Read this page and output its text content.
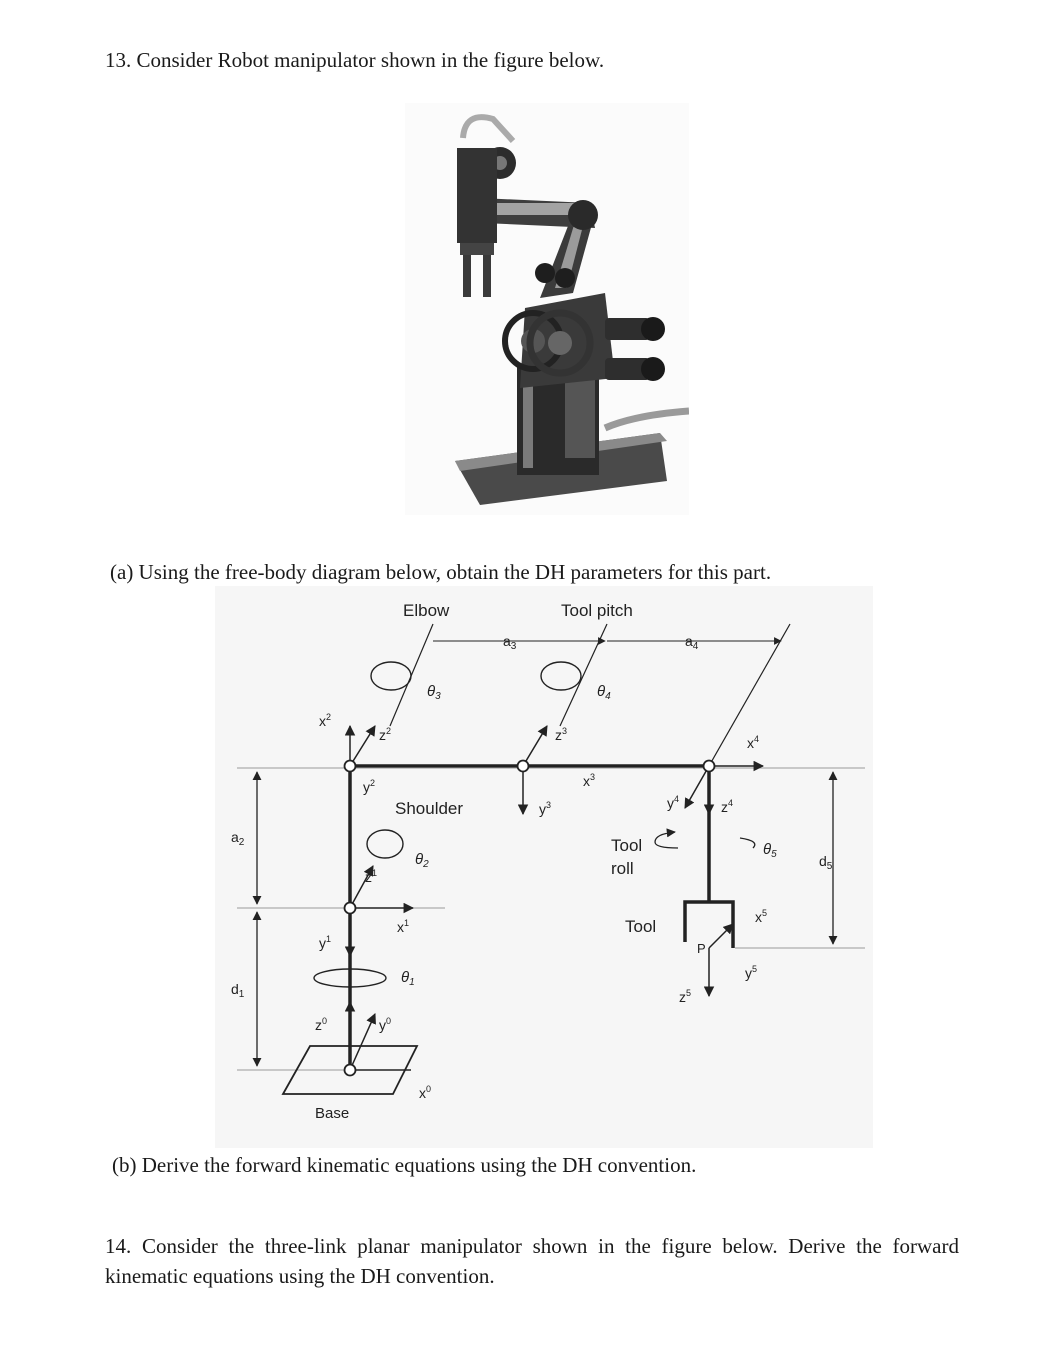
13. Consider Robot manipulator shown in the figure below.

(a) Using the free-body diagram below, obtain the DH parameters for this part.

Elbow	Tool pitch
Shoulder
Tool
roll
Tool
Base
P
$a_2$
$d_1$
$a_3$	$a_4$
$d_5$
$\theta_3$	$\theta_4$
$\theta_2$
$\theta_1$
$\theta_5$
$x^0$
$y^0$
$z^0$
$x^1$
$y^1$
$z^1$
$x^2$
$y^2$
$z^2$
$x^3$
$y^3$
$z^3$
$x^4$
$y^4$	$z^4$
$x^5$
$y^5$
$z^5$

(b) Derive the forward kinematic equations using the DH convention.

14. Consider the three-link planar manipulator shown in the figure below. Derive the forward kinematic equations using the DH convention.
